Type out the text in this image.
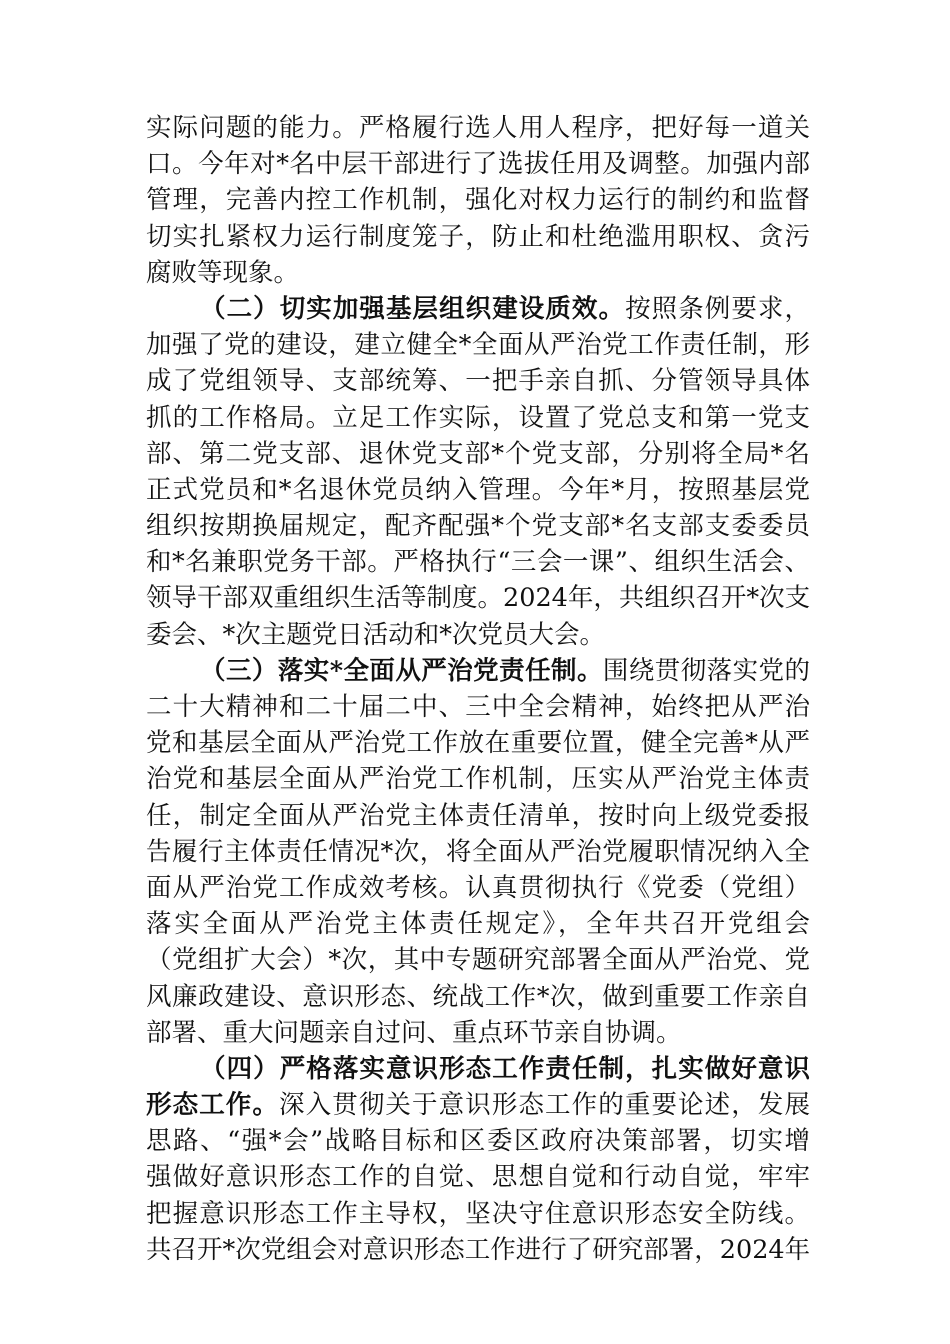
实际问题的能力。严格履行选人用人程序，把好每一道关
口。今年对*名中层干部进行了选拔任用及调整。加强内部
管理，完善内控工作机制，强化对权力运行的制约和监督
切实扎紧权力运行制度笼子，防止和杜绝滥用职权、贪污
腐败等现象。
（二）切实加强基层组织建设质效。按照条例要求，
加强了党的建设，建立健全*全面从严治党工作责任制，形
成了党组领导、支部统筹、一把手亲自抓、分管领导具体
抓的工作格局。立足工作实际，设置了党总支和第一党支
部、第二党支部、退休党支部*个党支部，分别将全局*名
正式党员和*名退休党员纳入管理。今年*月，按照基层党
组织按期换届规定，配齐配强*个党支部*名支部支委委员
和*名兼职党务干部。严格执行“三会一课”、组织生活会、
领导干部双重组织生活等制度。2024年，共组织召开*次支
委会、*次主题党日活动和*次党员大会。
（三）落实*全面从严治党责任制。围绕贯彻落实党的
二十大精神和二十届二中、三中全会精神，始终把从严治
党和基层全面从严治党工作放在重要位置，健全完善*从严
治党和基层全面从严治党工作机制，压实从严治党主体责
任，制定全面从严治党主体责任清单，按时向上级党委报
告履行主体责任情况*次，将全面从严治党履职情况纳入全
面从严治党工作成效考核。认真贯彻执行《党委（党组）
落实全面从严治党主体责任规定》，全年共召开党组会
（党组扩大会）*次，其中专题研究部署全面从严治党、党
风廉政建设、意识形态、统战工作*次，做到重要工作亲自
部署、重大问题亲自过问、重点环节亲自协调。
（四）严格落实意识形态工作责任制，扎实做好意识
形态工作。深入贯彻关于意识形态工作的重要论述，发展
思路、“强*会”战略目标和区委区政府决策部署，切实增
强做好意识形态工作的自觉、思想自觉和行动自觉，牢牢
把握意识形态工作主导权，坚决守住意识形态安全防线。
共召开*次党组会对意识形态工作进行了研究部署，2024年
